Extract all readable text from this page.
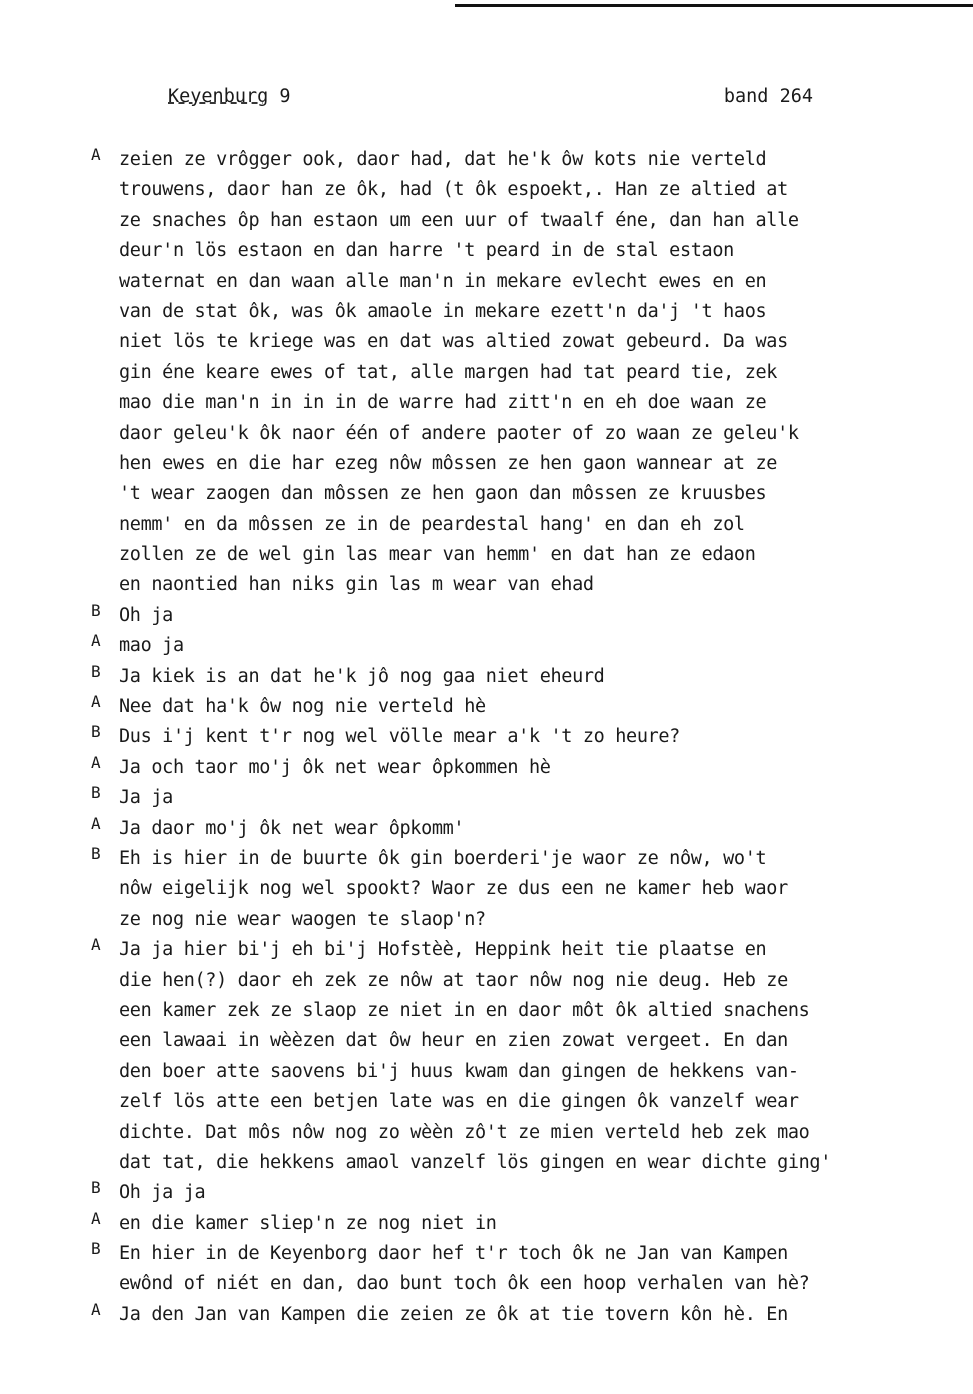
Keyenburg 9	band 264
A zeien ze vrôgger ook, daor had, dat he'k ôw kots nie verteld
trouwens, daor han ze ôk, had (t ôk espoekt,. Han ze altied at
ze snaches ôp han estaon um een uur of twaalf éne, dan han alle
deur'n lös estaon en dan harre 't peard in de stal estaon
waternat en dan waan alle man'n in mekare evlecht ewes en en
van de stat ôk, was ôk amaole in mekare ezett'n da'j 't haos
niet lös te kriege was en dat was altied zowat gebeurd. Da was
gin éne keare ewes of tat, alle margen had tat peard tie, zek
mao die man'n in in in de warre had zitt'n en eh doe waan ze
daor geleu'k ôk naor één of andere paoter of zo waan ze geleu'k
hen ewes en die har ezeg nôw môssen ze hen gaon wannear at ze
't wear zaogen dan môssen ze hen gaon dan môssen ze kruusbes
nemm' en da môssen ze in de peardestal hang' en dan eh zol
zollen ze de wel gin las mear van hemm' en dat han ze edaon
en naontied han niks gin las m wear van ehad
B Oh ja
A mao ja
B Ja kiek is an dat he'k jô nog gaa niet eheurd
A Nee dat ha'k ôw nog nie verteld hè
B Dus i'j kent t'r nog wel völle mear a'k 't zo heure?
A Ja och taor mo'j ôk net wear ôpkommen hè
B Ja ja
A Ja daor mo'j ôk net wear ôpkomm'
B Eh is hier in de buurte ôk gin boerderi'je waor ze nôw, wo't
nôw eigelijk nog wel spookt? Waor ze dus een ne kamer heb waor
ze nog nie wear waogen te slaop'n?
A Ja ja hier bi'j eh bi'j Hofstèè, Heppink heit tie plaatse en
die hen(?) daor eh zek ze nôw at taor nôw nog nie deug. Heb ze
een kamer zek ze slaop ze niet in en daor môt ôk altied snachens
een lawaai in wèèzen dat ôw heur en zien zowat vergeet. En dan
den boer atte saovens bi'j huus kwam dan gingen de hekkens van-
zelf lös atte een betjen late was en die gingen ôk vanzelf wear
dichte. Dat môs nôw nog zo wèèn zô't ze mien verteld heb zek mao
dat tat, die hekkens amaol vanzelf lös gingen en wear dichte ging'
B Oh ja ja
A en die kamer sliep'n ze nog niet in
B En hier in de Keyenborg daor hef t'r toch ôk ne Jan van Kampen
ewônd of niét en dan, dao bunt toch ôk een hoop verhalen van hè?
A Ja den Jan van Kampen die zeien ze ôk at tie tovern kôn hè. En
